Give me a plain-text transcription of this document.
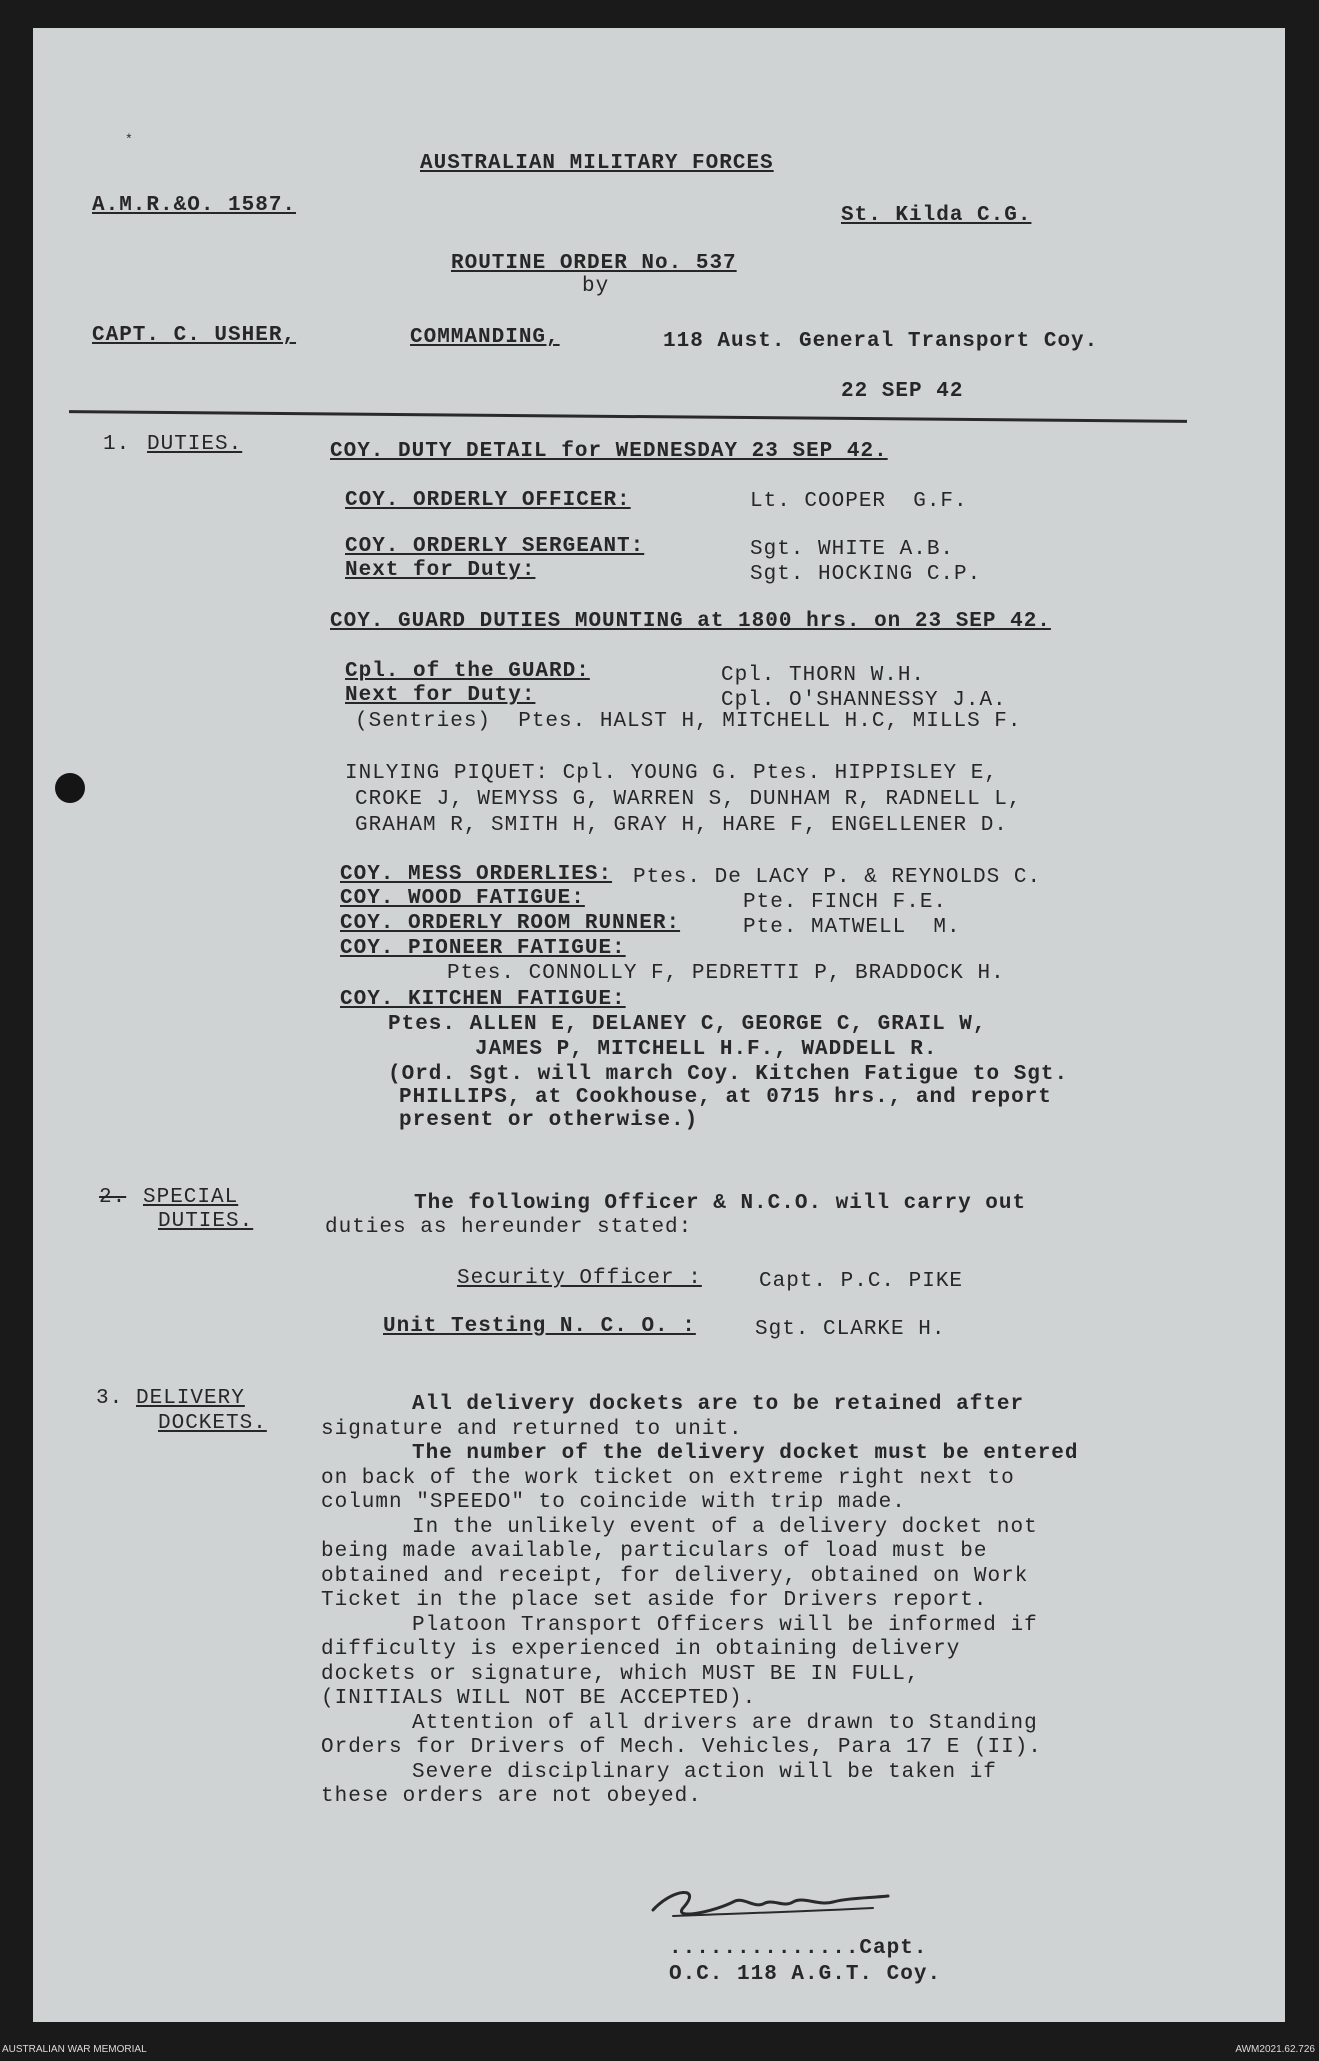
*
AUSTRALIAN MILITARY FORCES
A.M.R.&O. 1587.	St. Kilda C.G.
ROUTINE ORDER No. 537
by
CAPT. C. USHER,	COMMANDING,	118 Aust. General Transport Coy.
22 SEP 42
1. DUTIES.	COY. DUTY DETAIL for WEDNESDAY 23 SEP 42.
COY. ORDERLY OFFICER:	Lt. COOPER  G.F.
COY. ORDERLY SERGEANT:	Sgt. WHITE A.B.
Next for Duty:	Sgt. HOCKING C.P.
COY. GUARD DUTIES MOUNTING at 1800 hrs. on 23 SEP 42.
Cpl. of the GUARD:	Cpl. THORN W.H.
Next for Duty:	Cpl. O'SHANNESSY J.A.
(Sentries)  Ptes. HALST H, MITCHELL H.C, MILLS F.
INLYING PIQUET: Cpl. YOUNG G. Ptes. HIPPISLEY E,
CROKE J, WEMYSS G, WARREN S, DUNHAM R, RADNELL L,
GRAHAM R, SMITH H, GRAY H, HARE F, ENGELLENER D.
COY. MESS ORDERLIES: Ptes. De LACY P. & REYNOLDS C.
COY. WOOD FATIGUE:	Pte. FINCH F.E.
COY. ORDERLY ROOM RUNNER:	Pte. MATWELL  M.
COY. PIONEER FATIGUE:
Ptes. CONNOLLY F, PEDRETTI P, BRADDOCK H.
COY. KITCHEN FATIGUE:
Ptes. ALLEN E, DELANEY C, GEORGE C, GRAIL W,
JAMES P, MITCHELL H.F., WADDELL R.
(Ord. Sgt. will march Coy. Kitchen Fatigue to Sgt.
PHILLIPS, at Cookhouse, at 0715 hrs., and report
present or otherwise.)
2. SPECIAL
DUTIES.
The following Officer & N.C.O. will carry out
duties as hereunder stated:
Security Officer :	Capt. P.C. PIKE
Unit Testing N. C. O. :	Sgt. CLARKE H.
3. DELIVERY
DOCKETS.
All delivery dockets are to be retained after
signature and returned to unit.
The number of the delivery docket must be entered
on back of the work ticket on extreme right next to
column "SPEEDO" to coincide with trip made.
In the unlikely event of a delivery docket not
being made available, particulars of load must be
obtained and receipt, for delivery, obtained on Work
Ticket in the place set aside for Drivers report.
Platoon Transport Officers will be informed if
difficulty is experienced in obtaining delivery
dockets or signature, which MUST BE IN FULL,
(INITIALS WILL NOT BE ACCEPTED).
Attention of all drivers are drawn to Standing
Orders for Drivers of Mech. Vehicles, Para 17 E (II).
Severe disciplinary action will be taken if
these orders are not obeyed.
..............Capt.
O.C. 118 A.G.T. Coy.
AUSTRALIAN WAR MEMORIAL	AWM2021.62.726
